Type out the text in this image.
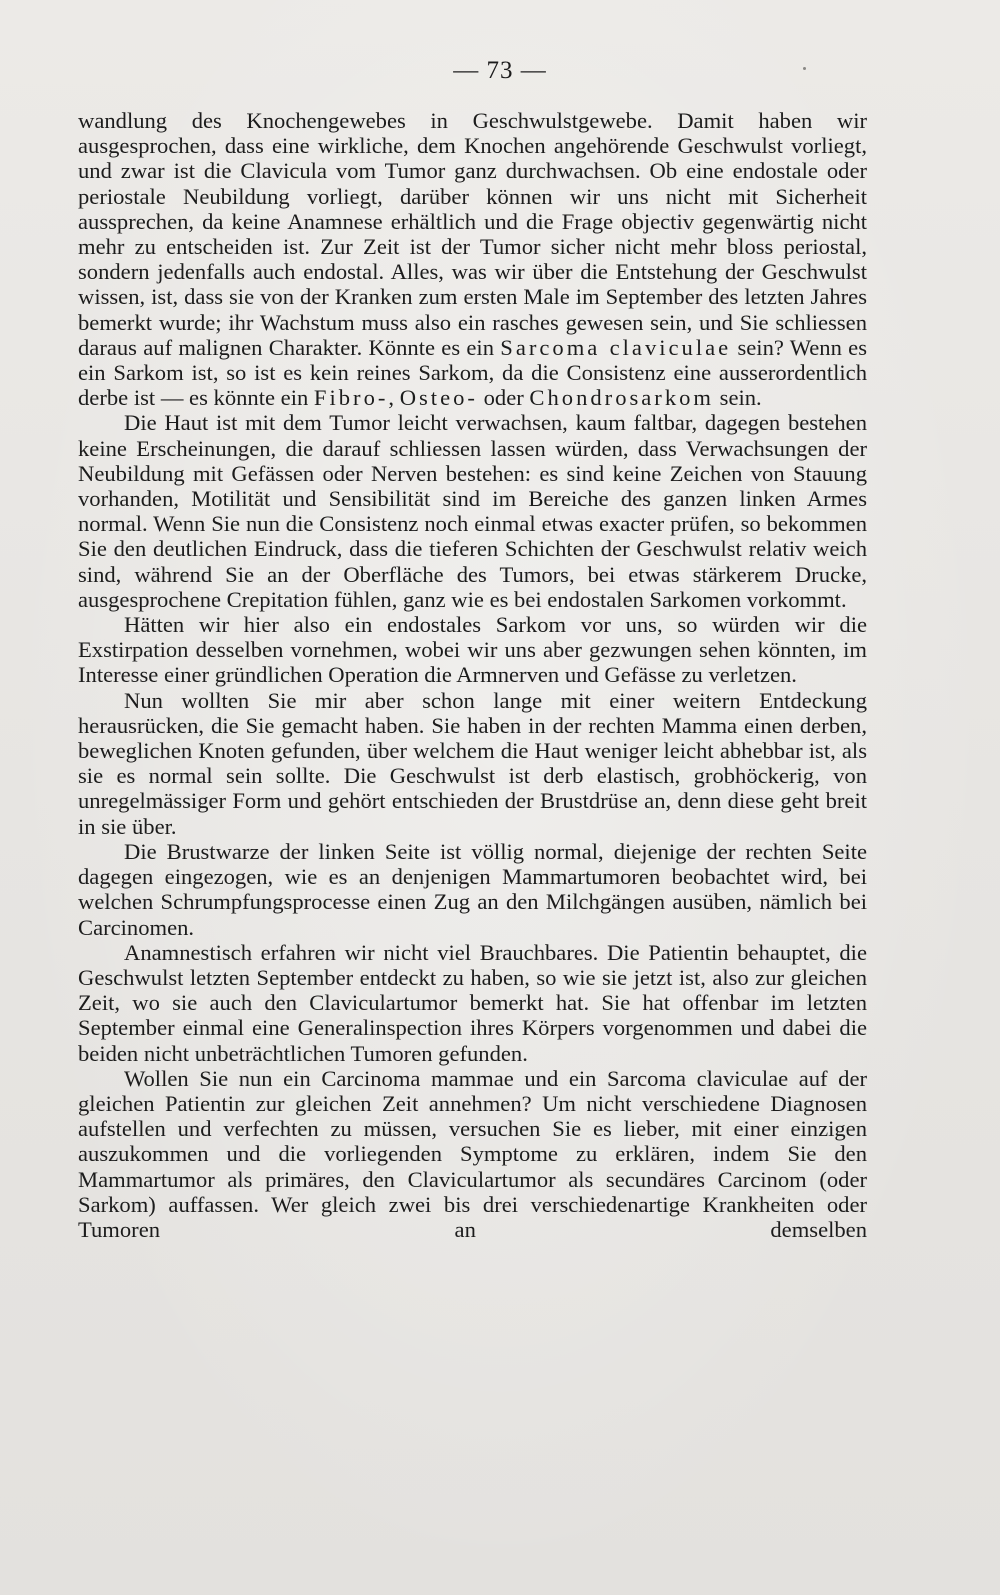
— 73 —

wandlung des Knochengewebes in Geschwulstgewebe. Damit haben wir ausgesprochen, dass eine wirkliche, dem Knochen angehörende Geschwulst vorliegt, und zwar ist die Clavicula vom Tumor ganz durchwachsen. Ob eine endostale oder periostale Neubildung vorliegt, darüber können wir uns nicht mit Sicherheit aussprechen, da keine Anamnese erhältlich und die Frage objectiv gegenwärtig nicht mehr zu entscheiden ist. Zur Zeit ist der Tumor sicher nicht mehr bloss periostal, sondern jedenfalls auch endostal. Alles, was wir über die Entstehung der Geschwulst wissen, ist, dass sie von der Kranken zum ersten Male im September des letzten Jahres bemerkt wurde; ihr Wachstum muss also ein rasches gewesen sein, und Sie schliessen daraus auf malignen Charakter. Könnte es ein Sarcoma claviculae sein? Wenn es ein Sarkom ist, so ist es kein reines Sarkom, da die Consistenz eine ausserordentlich derbe ist — es könnte ein Fibro-, Osteo- oder Chondrosarkom sein.

Die Haut ist mit dem Tumor leicht verwachsen, kaum faltbar, dagegen bestehen keine Erscheinungen, die darauf schliessen lassen würden, dass Verwachsungen der Neubildung mit Gefässen oder Nerven bestehen: es sind keine Zeichen von Stauung vorhanden, Motilität und Sensibilität sind im Bereiche des ganzen linken Armes normal. Wenn Sie nun die Consistenz noch einmal etwas exacter prüfen, so bekommen Sie den deutlichen Eindruck, dass die tieferen Schichten der Geschwulst relativ weich sind, während Sie an der Oberfläche des Tumors, bei etwas stärkerem Drucke, ausgesprochene Crepitation fühlen, ganz wie es bei endostalen Sarkomen vorkommt.

Hätten wir hier also ein endostales Sarkom vor uns, so würden wir die Exstirpation desselben vornehmen, wobei wir uns aber gezwungen sehen könnten, im Interesse einer gründlichen Operation die Armnerven und Gefässe zu verletzen.

Nun wollten Sie mir aber schon lange mit einer weitern Entdeckung herausrücken, die Sie gemacht haben. Sie haben in der rechten Mamma einen derben, beweglichen Knoten gefunden, über welchem die Haut weniger leicht abhebbar ist, als sie es normal sein sollte. Die Geschwulst ist derb elastisch, grobhöckerig, von unregelmässiger Form und gehört entschieden der Brustdrüse an, denn diese geht breit in sie über.

Die Brustwarze der linken Seite ist völlig normal, diejenige der rechten Seite dagegen eingezogen, wie es an denjenigen Mammartumoren beobachtet wird, bei welchen Schrumpfungsprocesse einen Zug an den Milchgängen ausüben, nämlich bei Carcinomen.

Anamnestisch erfahren wir nicht viel Brauchbares. Die Patientin behauptet, die Geschwulst letzten September entdeckt zu haben, so wie sie jetzt ist, also zur gleichen Zeit, wo sie auch den Claviculartumor bemerkt hat. Sie hat offenbar im letzten September einmal eine Generalinspection ihres Körpers vorgenommen und dabei die beiden nicht unbeträchtlichen Tumoren gefunden.

Wollen Sie nun ein Carcinoma mammae und ein Sarcoma claviculae auf der gleichen Patientin zur gleichen Zeit annehmen? Um nicht verschiedene Diagnosen aufstellen und verfechten zu müssen, versuchen Sie es lieber, mit einer einzigen auszukommen und die vorliegenden Symptome zu erklären, indem Sie den Mammartumor als primäres, den Claviculartumor als secundäres Carcinom (oder Sarkom) auffassen. Wer gleich zwei bis drei verschiedenartige Krankheiten oder Tumoren an demselben
